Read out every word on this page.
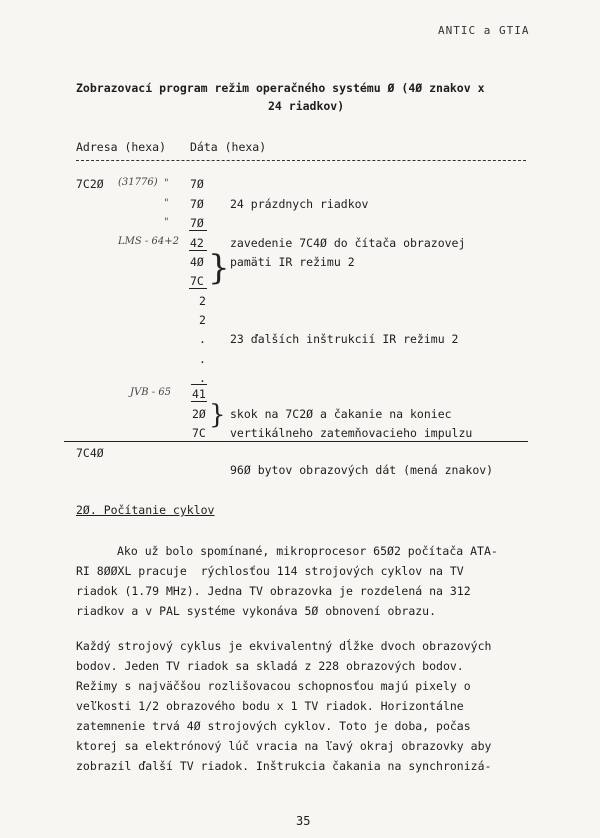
ANTIC a GTIA
Zobrazovací program režim operačného systému Ø (4Ø znakov x
24 riadkov)
Adresa (hexa) Dáta (hexa)
7C2Ø (31776) "
"
"
7Ø
7Ø
7Ø
LMS - 64+2 42
4Ø
7C }
2
2
.
.
.
JVB - 65 41
2Ø
7C
}
24 prázdnych riadkov
zavedenie 7C4Ø do čítača obrazovej
pamäti IR režimu 2
23 ďalších inštrukcií IR režimu 2
skok na 7C2Ø a čakanie na koniec
vertikálneho zatemňovacieho impulzu
7C4Ø
96Ø bytov obrazových dát (mená znakov)
2Ø. Počítanie cyklov
Ako už bolo spomínané, mikroprocesor 65Ø2 počítača ATA-
RI 8ØØXL pracuje  rýchlosťou 114 strojových cyklov na TV
riadok (1.79 MHz). Jedna TV obrazovka je rozdelená na 312
riadkov a v PAL systéme vykonáva 5Ø obnovení obrazu.
Každý strojový cyklus je ekvivalentný dĺžke dvoch obrazových
bodov. Jeden TV riadok sa skladá z 228 obrazových bodov.
Režimy s najväčšou rozlišovacou schopnosťou majú pixely o
veľkosti 1/2 obrazového bodu x 1 TV riadok. Horizontálne
zatemnenie trvá 4Ø strojových cyklov. Toto je doba, počas
ktorej sa elektrónový lúč vracia na ľavý okraj obrazovky aby
zobrazil ďalší TV riadok. Inštrukcia čakania na synchronizá-
35
